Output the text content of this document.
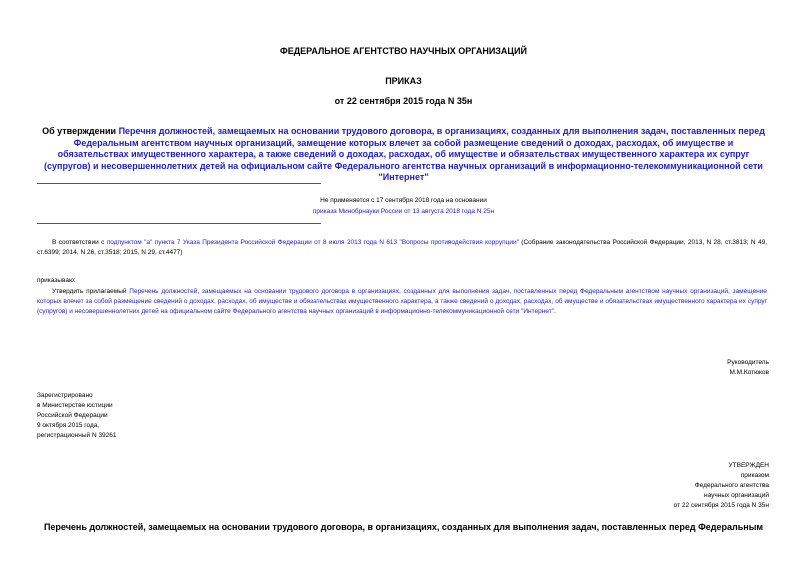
ФЕДЕРАЛЬНОЕ АГЕНТСТВО НАУЧНЫХ ОРГАНИЗАЦИЙ
ПРИКАЗ
от 22 сентября 2015 года N 35н
Об утверждении Перечня должностей, замещаемых на основании трудового договора, в организациях, созданных для выполнения задач, поставленных перед Федеральным агентством научных организаций, замещение которых влечет за собой размещение сведений о доходах, расходах, об имуществе и обязательствах имущественного характера, а также сведений о доходах, расходах, об имуществе и обязательствах имущественного характера их супруг (супругов) и несовершеннолетних детей на официальном сайте Федерального агентства научных организаций в информационно-телекоммуникационной сети "Интернет"
Не применяется с 17 сентября 2018 года на основании
приказа Минобрнауки России от 13 августа 2018 года N 25н
В соответствии с подпунктом "а" пункта 7 Указа Президента Российской Федерации от 8 июля 2013 года N 613 "Вопросы противодействия коррупции" (Собрание законодательства Российской Федерации, 2013, N 28, ст.3813; N 49, ст.6399; 2014, N 26, ст.3518; 2015, N 29, ст.4477)
приказываю:
Утвердить прилагаемый Перечень должностей, замещаемых на основании трудового договора в организациях, созданных для выполнения задач, поставленных перед Федеральным агентством научных организаций, замещение которых влечет за собой размещение сведений о доходах, расходах, об имуществе и обязательствах имущественного характера, а также сведений о доходах, расходах, об имуществе и обязательствах имущественного характера их супруг (супругов) и несовершеннолетних детей на официальном сайте Федерального агентства научных организаций в информационно-телекоммуникационной сети "Интернет".
Руководитель
М.М.Котюков
Зарегистрировано
в Министерстве юстиции
Российской Федерации
9 октября 2015 года,
регистрационный N 39261
УТВЕРЖДЕН
приказом
Федерального агентства
научных организаций
от 22 сентября 2015 года N 35н
Перечень должностей, замещаемых на основании трудового договора, в организациях, созданных для выполнения задач, поставленных перед Федеральным
